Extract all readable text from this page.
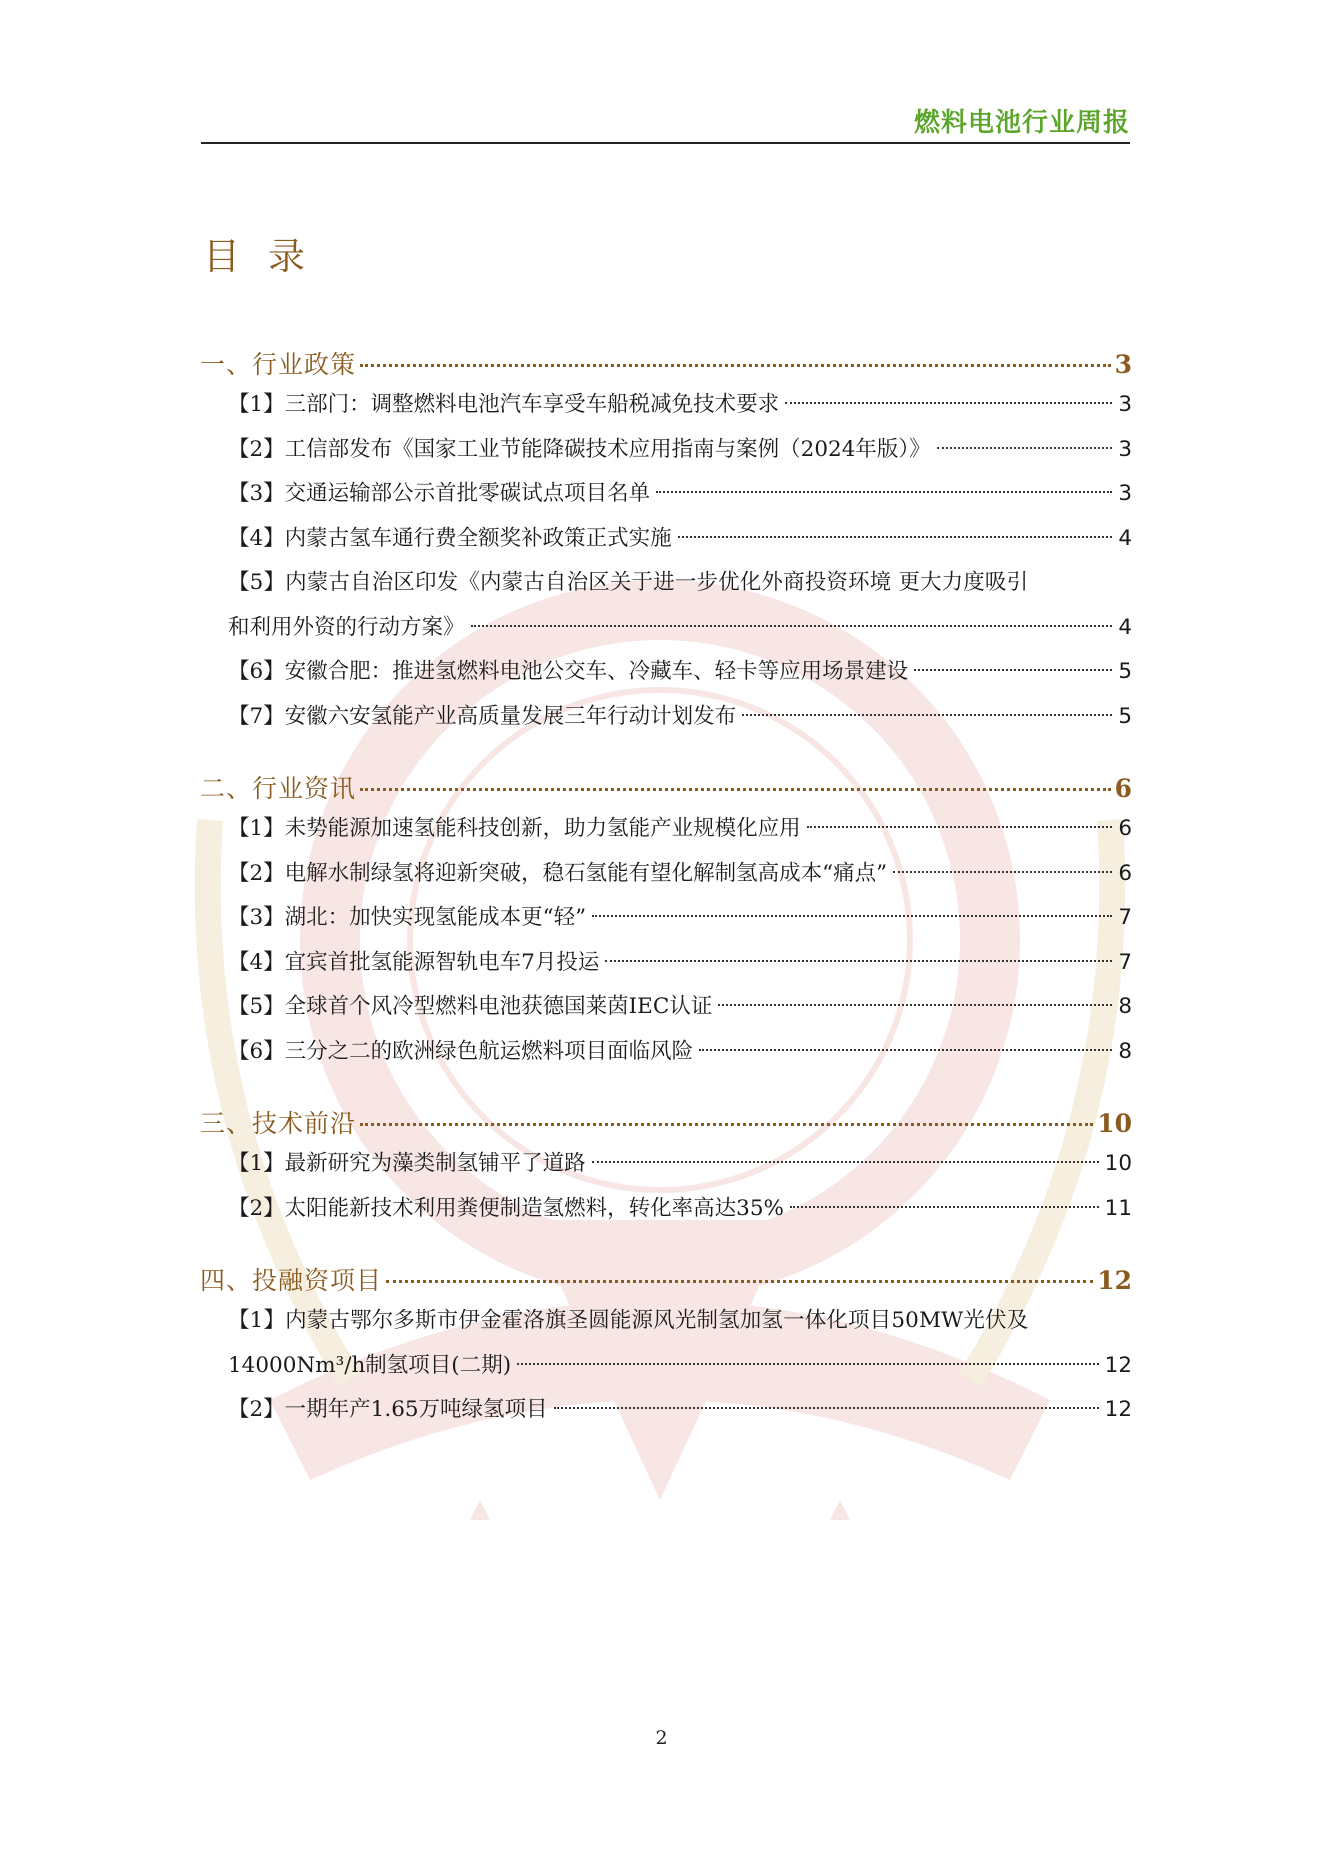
燃料电池行业周报
目录
一、行业政策	3
【1】三部门：调整燃料电池汽车享受车船税减免技术要求	3
【2】工信部发布《国家工业节能降碳技术应用指南与案例（2024年版）》	3
【3】交通运输部公示首批零碳试点项目名单	3
【4】内蒙古氢车通行费全额奖补政策正式实施	4
【5】内蒙古自治区印发《内蒙古自治区关于进一步优化外商投资环境 更大力度吸引
和利用外资的行动方案》	4
【6】安徽合肥：推进氢燃料电池公交车、冷藏车、轻卡等应用场景建设	5
【7】安徽六安氢能产业高质量发展三年行动计划发布	5
二、行业资讯	6
【1】未势能源加速氢能科技创新，助力氢能产业规模化应用	6
【2】电解水制绿氢将迎新突破，稳石氢能有望化解制氢高成本“痛点”	6
【3】湖北：加快实现氢能成本更“轻”	7
【4】宜宾首批氢能源智轨电车7月投运	7
【5】全球首个风冷型燃料电池获德国莱茵IEC认证	8
【6】三分之二的欧洲绿色航运燃料项目面临风险	8
三、技术前沿	10
【1】最新研究为藻类制氢铺平了道路	10
【2】太阳能新技术利用粪便制造氢燃料，转化率高达35%	11
四、投融资项目	12
【1】内蒙古鄂尔多斯市伊金霍洛旗圣圆能源风光制氢加氢一体化项目50MW光伏及
14000Nm³/h制氢项目(二期)	12
【2】一期年产1.65万吨绿氢项目	12
2
